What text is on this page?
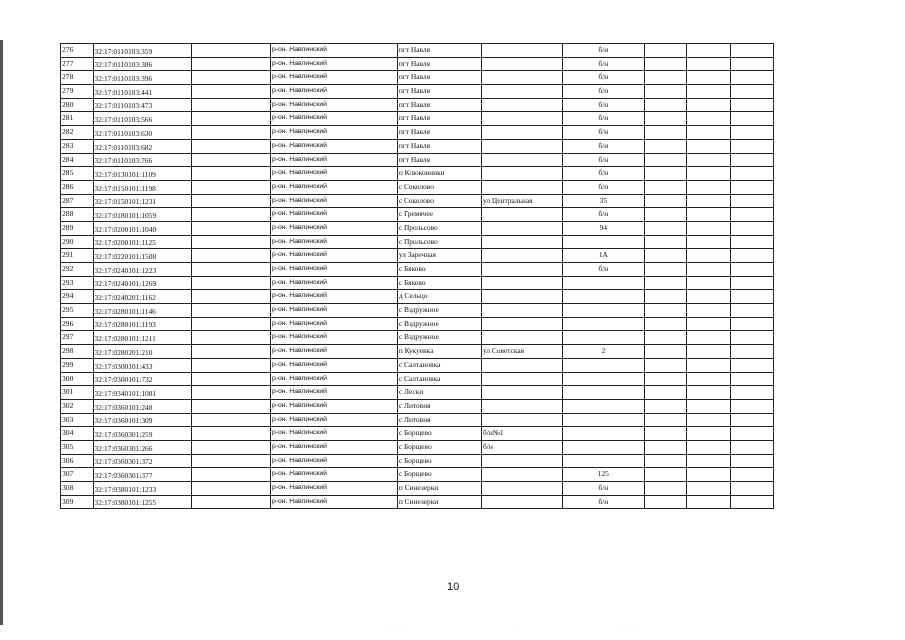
276	32:17:0110103:359		р-он. Навлинский	пгт Навля		б/н			
277	32:17:0110103:386		р-он. Навлинский	пгт Навля		б/н			
278	32:17:0110103:396		р-он. Навлинский	пгт Навля		б/н			
279	32:17:0110103:441		р-он. Навлинский	пгт Навля		б/н			
280	32:17:0110103:473		р-он. Навлинский	пгт Навля		б/н			
281	32:17:0110103:566		р-он. Навлинский	пгт Навля		б/н			
282	32:17:0110103:630		р-он. Навлинский	пгт Навля		б/н			
283	32:17:0110103:682		р-он. Навлинский	пгт Навля		б/н			
284	32:17:0110103:766		р-он. Навлинский	пгт Навля		б/н			
285	32:17:0130101:1109		р-он. Навлинский	п Клюковники		б/н			
286	32:17:0150101:1198		р-он. Навлинский	с Соколово		б/н			
287	32:17:0150101:1231		р-он. Навлинский	с Соколово	ул Центральная	35			
288	32:17:0180101:1059		р-он. Навлинский	с Гремячее		б/н			
289	32:17:0200101:1040		р-он. Навлинский	с Прольсово		94			
290	32:17:0200101:1125		р-он. Навлинский	с Прольсово					
291	32:17:0220101:1508		р-он. Навлинский	ул Заречная		1А			
292	32:17:0240101:1223		р-он. Навлинский	с Бяково		б/н			
293	32:17:0240101:1269		р-он. Навлинский	с Бяково					
294	32:17:0240201:1162		р-он. Навлинский	д Сельцо					
295	32:17:0280101:1146		р-он. Навлинский	с Вздружное					
296	32:17:0280101:1193		р-он. Навлинский	с Вздружное					
297	32:17:0280101:1211		р-он. Навлинский	с Вздружное					
298	32:17:0280201:210		р-он. Навлинский	п Кукуевка	ул Советская	2			
299	32:17:0300101:433		р-он. Навлинский	с Салтановка					
300	32:17:0300101:732		р-он. Навлинский	с Салтановка					
301	32:17:0340101:1081		р-он. Навлинский	с Лески					
302	32:17:0360101:248		р-он. Навлинский	с Литовня					
303	32:17:0360101:309		р-он. Навлинский	с Литовня					
304	32:17:0360301:259		р-он. Навлинский	с Борщево	б/н№1				
305	32:17:0360301:266		р-он. Навлинский	с Борщево	б/н				
306	32:17:0360301:372		р-он. Навлинский	с Борщево					
307	32:17:0360301:377		р-он. Навлинский	с Борщево		125			
308	32:17:0380101:1233		р-он. Навлинский	п Синезерки		б/н			
309	32:17:0380101:1255		р-он. Навлинский	п Синезерки		б/н			
10
· · ·	·	· · ·
